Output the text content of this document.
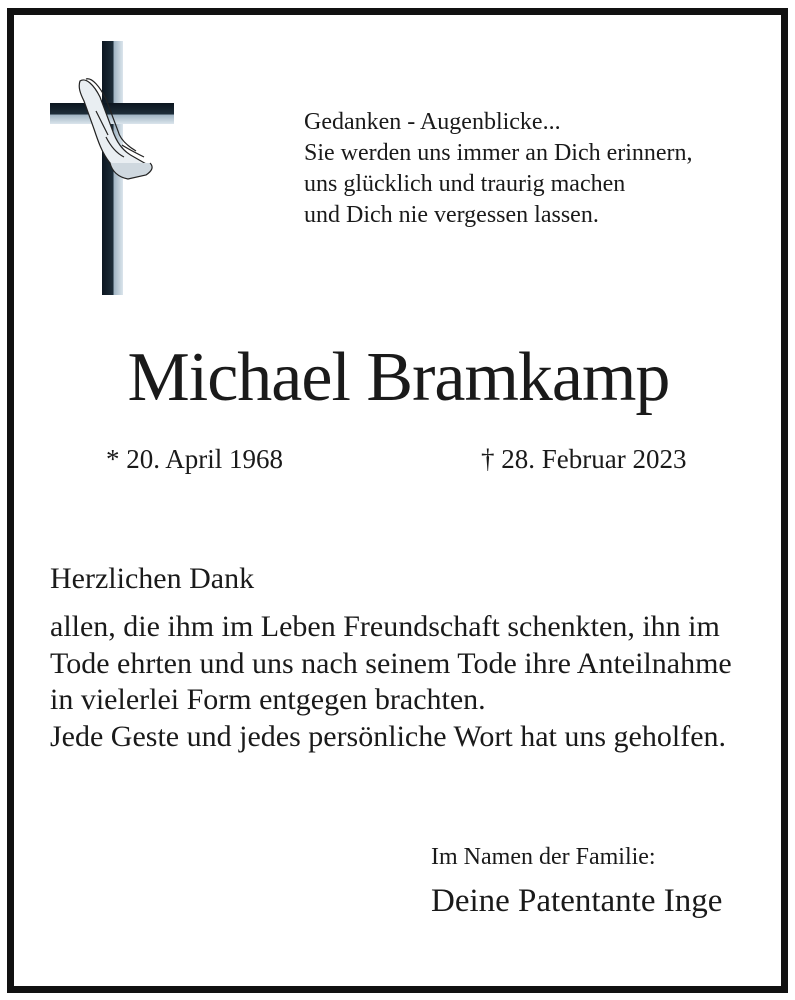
Gedanken - Augenblicke...
Sie werden uns immer an Dich erinnern,
uns glücklich und traurig machen
und Dich nie vergessen lassen.
Michael Bramkamp
* 20. April 1968	† 28. Februar 2023
Herzlichen Dank
allen, die ihm im Leben Freundschaft schenkten, ihn im
Tode ehrten und uns nach seinem Tode ihre Anteilnahme
in vielerlei Form entgegen brachten.
Jede Geste und jedes persönliche Wort hat uns geholfen.
Im Namen der Familie:
Deine Patentante Inge
